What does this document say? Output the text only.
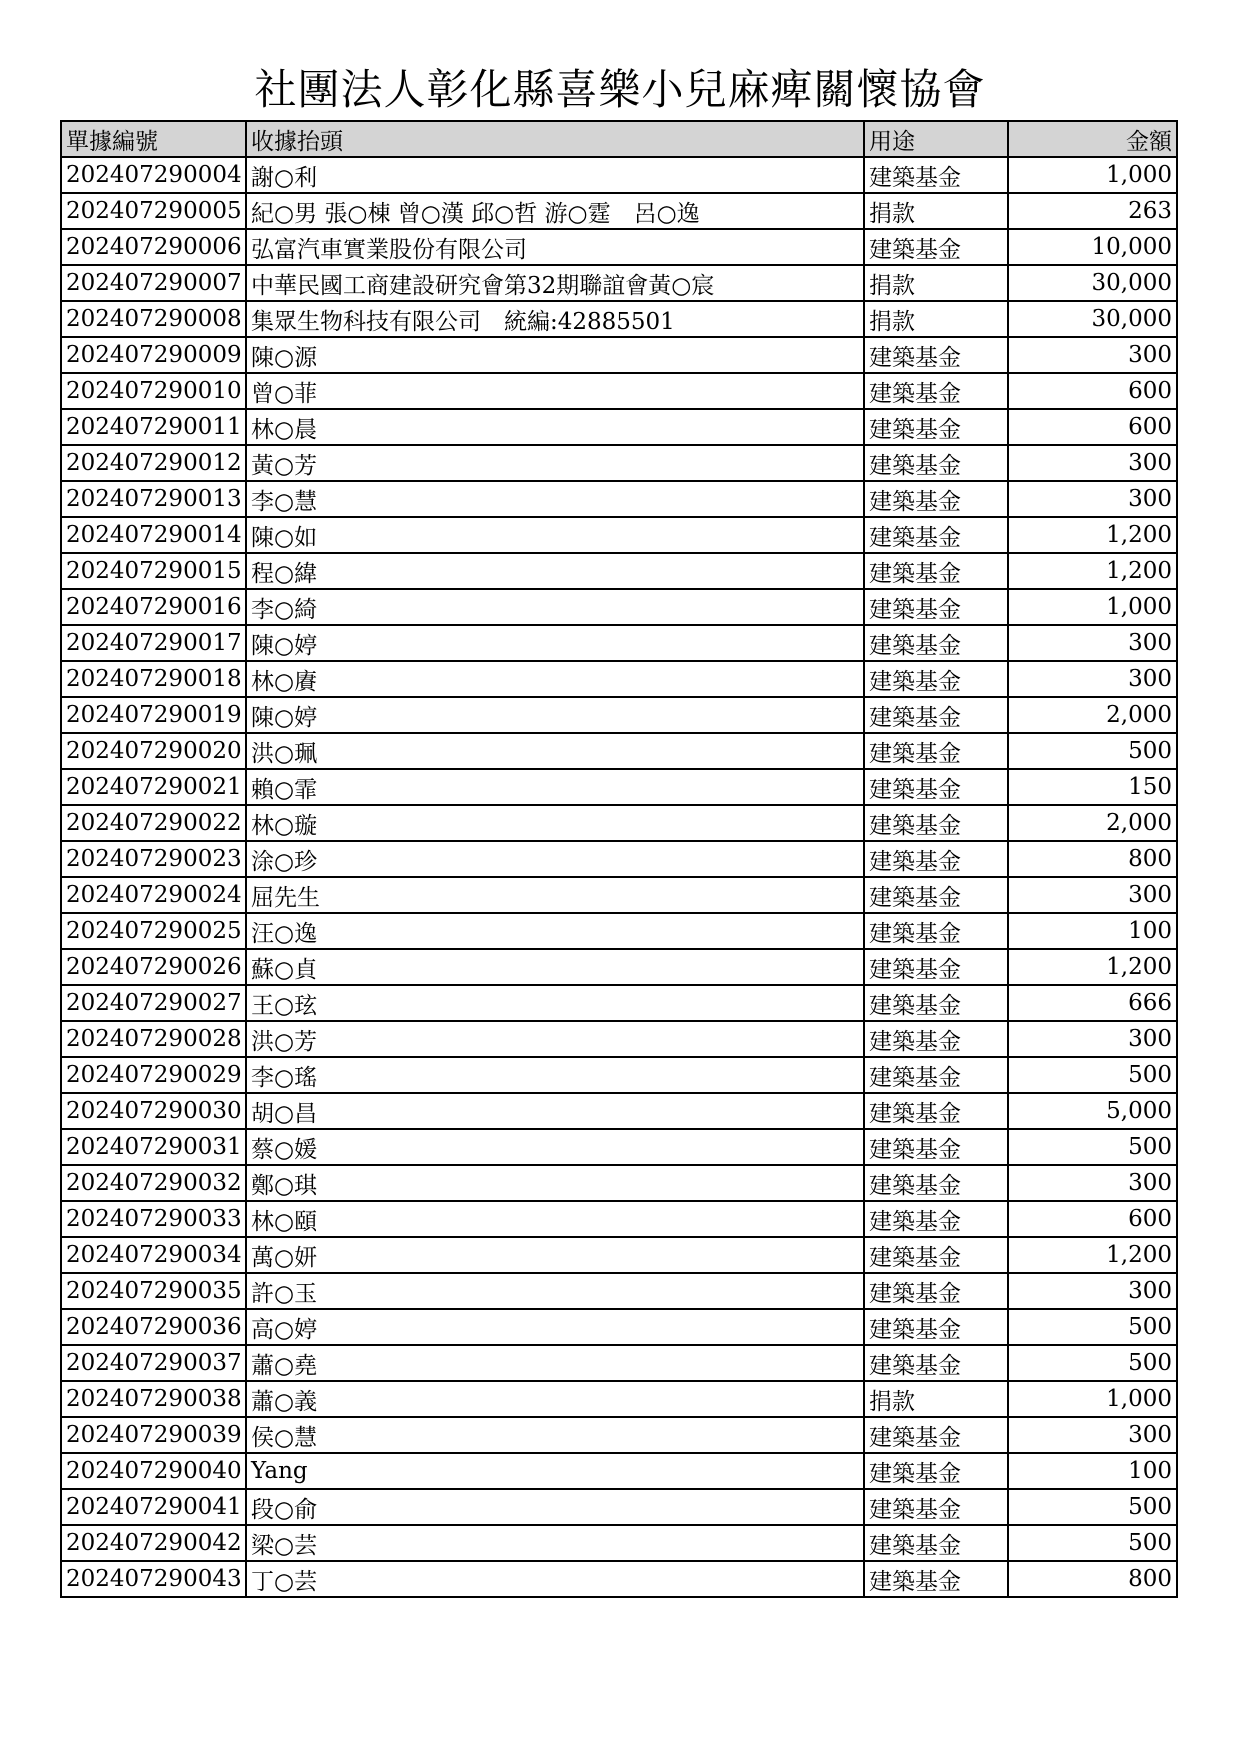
社團法人彰化縣喜樂小兒麻痺關懷協會
單據編號	收據抬頭	用途	金額
202407290004	謝○利	建築基金	1,000
202407290005	紀○男 張○棟 曾○漢 邱○哲 游○霆　呂○逸	捐款	263
202407290006	弘富汽車實業股份有限公司	建築基金	10,000
202407290007	中華民國工商建設研究會第32期聯誼會黃○宸	捐款	30,000
202407290008	集眾生物科技有限公司　統編:42885501	捐款	30,000
202407290009	陳○源	建築基金	300
202407290010	曾○菲	建築基金	600
202407290011	林○晨	建築基金	600
202407290012	黃○芳	建築基金	300
202407290013	李○慧	建築基金	300
202407290014	陳○如	建築基金	1,200
202407290015	程○緯	建築基金	1,200
202407290016	李○綺	建築基金	1,000
202407290017	陳○婷	建築基金	300
202407290018	林○賡	建築基金	300
202407290019	陳○婷	建築基金	2,000
202407290020	洪○珮	建築基金	500
202407290021	賴○霏	建築基金	150
202407290022	林○璇	建築基金	2,000
202407290023	涂○珍	建築基金	800
202407290024	屈先生	建築基金	300
202407290025	汪○逸	建築基金	100
202407290026	蘇○貞	建築基金	1,200
202407290027	王○玹	建築基金	666
202407290028	洪○芳	建築基金	300
202407290029	李○瑤	建築基金	500
202407290030	胡○昌	建築基金	5,000
202407290031	蔡○媛	建築基金	500
202407290032	鄭○琪	建築基金	300
202407290033	林○頤	建築基金	600
202407290034	萬○妍	建築基金	1,200
202407290035	許○玉	建築基金	300
202407290036	高○婷	建築基金	500
202407290037	蕭○堯	建築基金	500
202407290038	蕭○義	捐款	1,000
202407290039	侯○慧	建築基金	300
202407290040	Yang	建築基金	100
202407290041	段○俞	建築基金	500
202407290042	梁○芸	建築基金	500
202407290043	丁○芸	建築基金	800
